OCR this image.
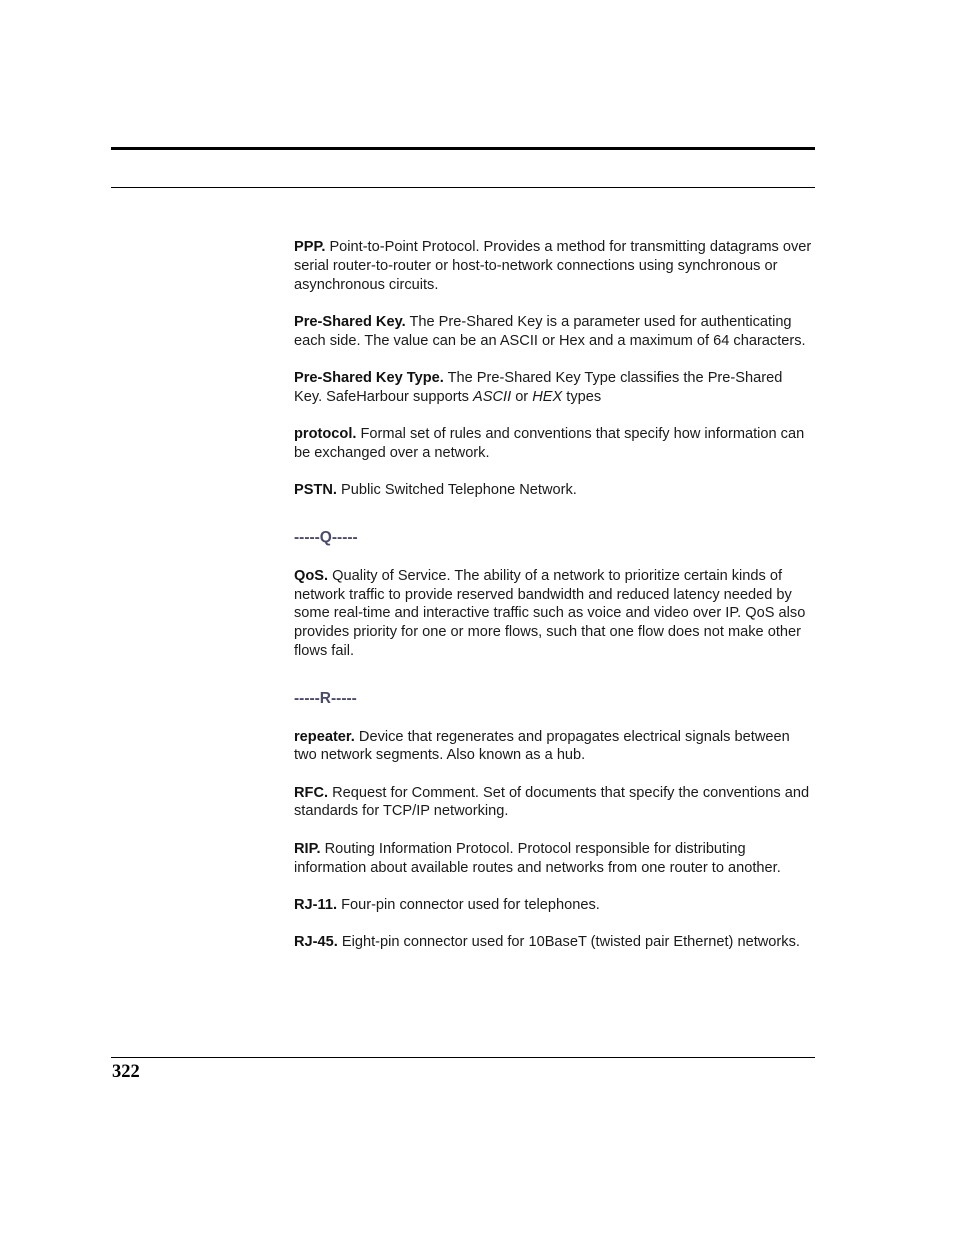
PPP. Point-to-Point Protocol. Provides a method for transmitting datagrams over serial router-to-router or host-to-network connections using synchronous or asynchronous circuits.

Pre-Shared Key. The Pre-Shared Key is a parameter used for authenticating each side. The value can be an ASCII or Hex and a maximum of 64 characters.

Pre-Shared Key Type. The Pre-Shared Key Type classifies the Pre-Shared Key. SafeHarbour supports ASCII or HEX types

protocol. Formal set of rules and conventions that specify how information can be exchanged over a network.

PSTN. Public Switched Telephone Network.

-----Q-----

QoS. Quality of Service. The ability of a network to prioritize certain kinds of network traffic to provide reserved bandwidth and reduced latency needed by some real-time and interactive traffic such as voice and video over IP. QoS also provides priority for one or more flows, such that one flow does not make other flows fail.

-----R-----

repeater. Device that regenerates and propagates electrical signals between two network segments. Also known as a hub.

RFC. Request for Comment. Set of documents that specify the conventions and standards for TCP/IP networking.

RIP. Routing Information Protocol. Protocol responsible for distributing information about available routes and networks from one router to another.

RJ-11. Four-pin connector used for telephones.

RJ-45. Eight-pin connector used for 10BaseT (twisted pair Ethernet) networks.

322
